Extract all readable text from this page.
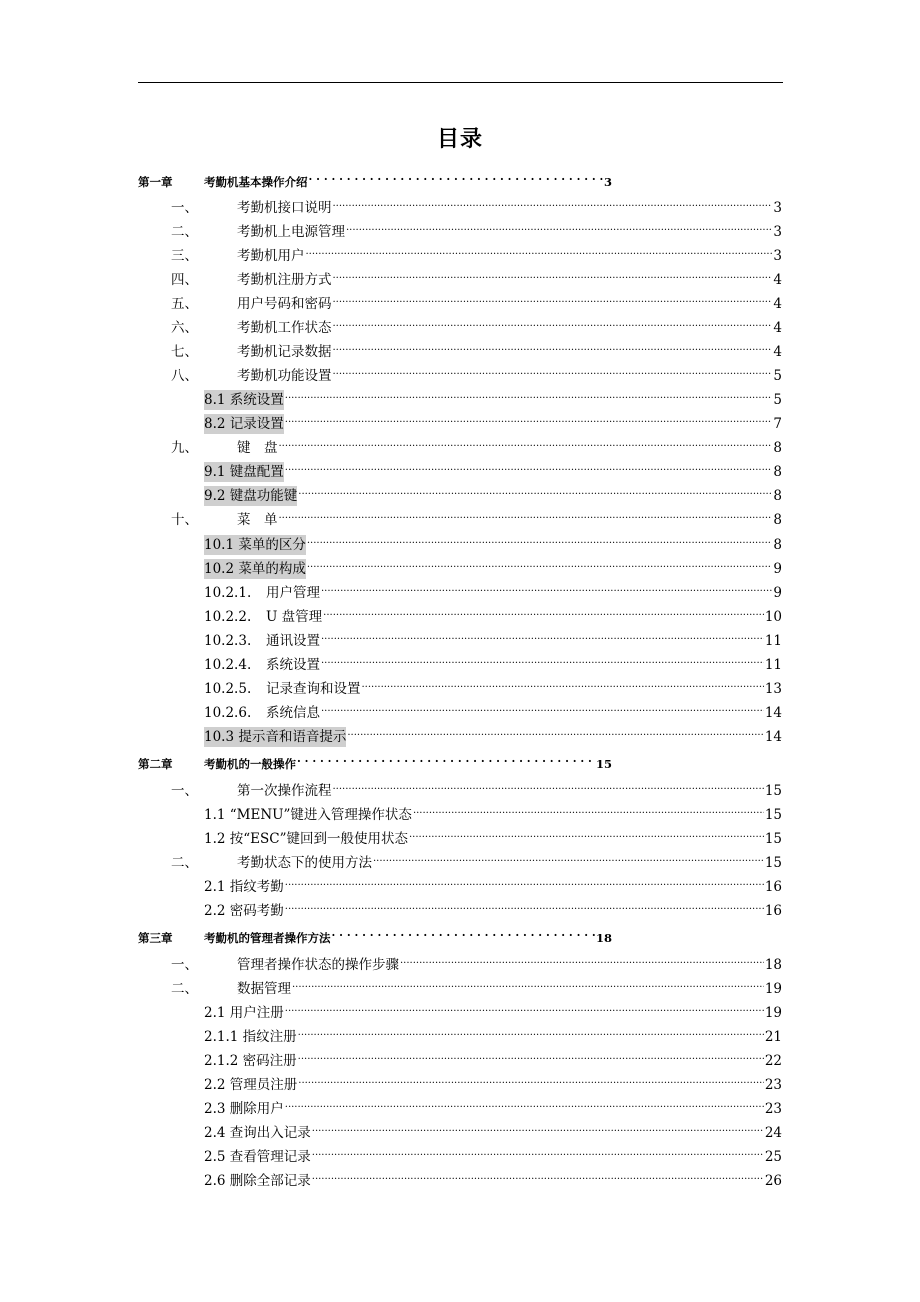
目录
第一章	考勤机基本操作介绍 . . .	3
一、	考勤机接口说明 .....	3
二、	考勤机上电源管理 .....	3
三、	考勤机用户 .....	3
四、	考勤机注册方式 .....	4
五、	用户号码和密码 .....	4
六、	考勤机工作状态 .....	4
七、	考勤机记录数据 .....	4
八、	考勤机功能设置 .....	5
8.1 系统设置 .....	5
8.2 记录设置 .....	7
九、	键　盘 .....	8
9.1 键盘配置 .....	8
9.2 键盘功能键 .....	8
十、	菜　单 .....	8
10.1 菜单的区分 .....	8
10.2 菜单的构成 .....	9
10.2.1.	用户管理 .....	9
10.2.2.	U 盘管理 .....	10
10.2.3.	通讯设置 .....	11
10.2.4.	系统设置 .....	11
10.2.5.	记录查询和设置 .....	13
10.2.6.	系统信息 .....	14
10.3 提示音和语音提示 .....	14
第二章	考勤机的一般操作 . . .	15
一、	第一次操作流程 .....	15
1.1 “MENU”键进入管理操作状态 .....	15
1.2 按“ESC”键回到一般使用状态 .....	15
二、	考勤状态下的使用方法 .....	15
2.1 指纹考勤 .....	16
2.2 密码考勤 .....	16
第三章	考勤机的管理者操作方法 . . .	18
一、	管理者操作状态的操作步骤 .....	18
二、	数据管理 .....	19
2.1 用户注册 .....	19
2.1.1 指纹注册 .....	21
2.1.2 密码注册 .....	22
2.2 管理员注册 .....	23
2.3 删除用户 .....	23
2.4 查询出入记录 .....	24
2.5 查看管理记录 .....	25
2.6 删除全部记录 .....	26
